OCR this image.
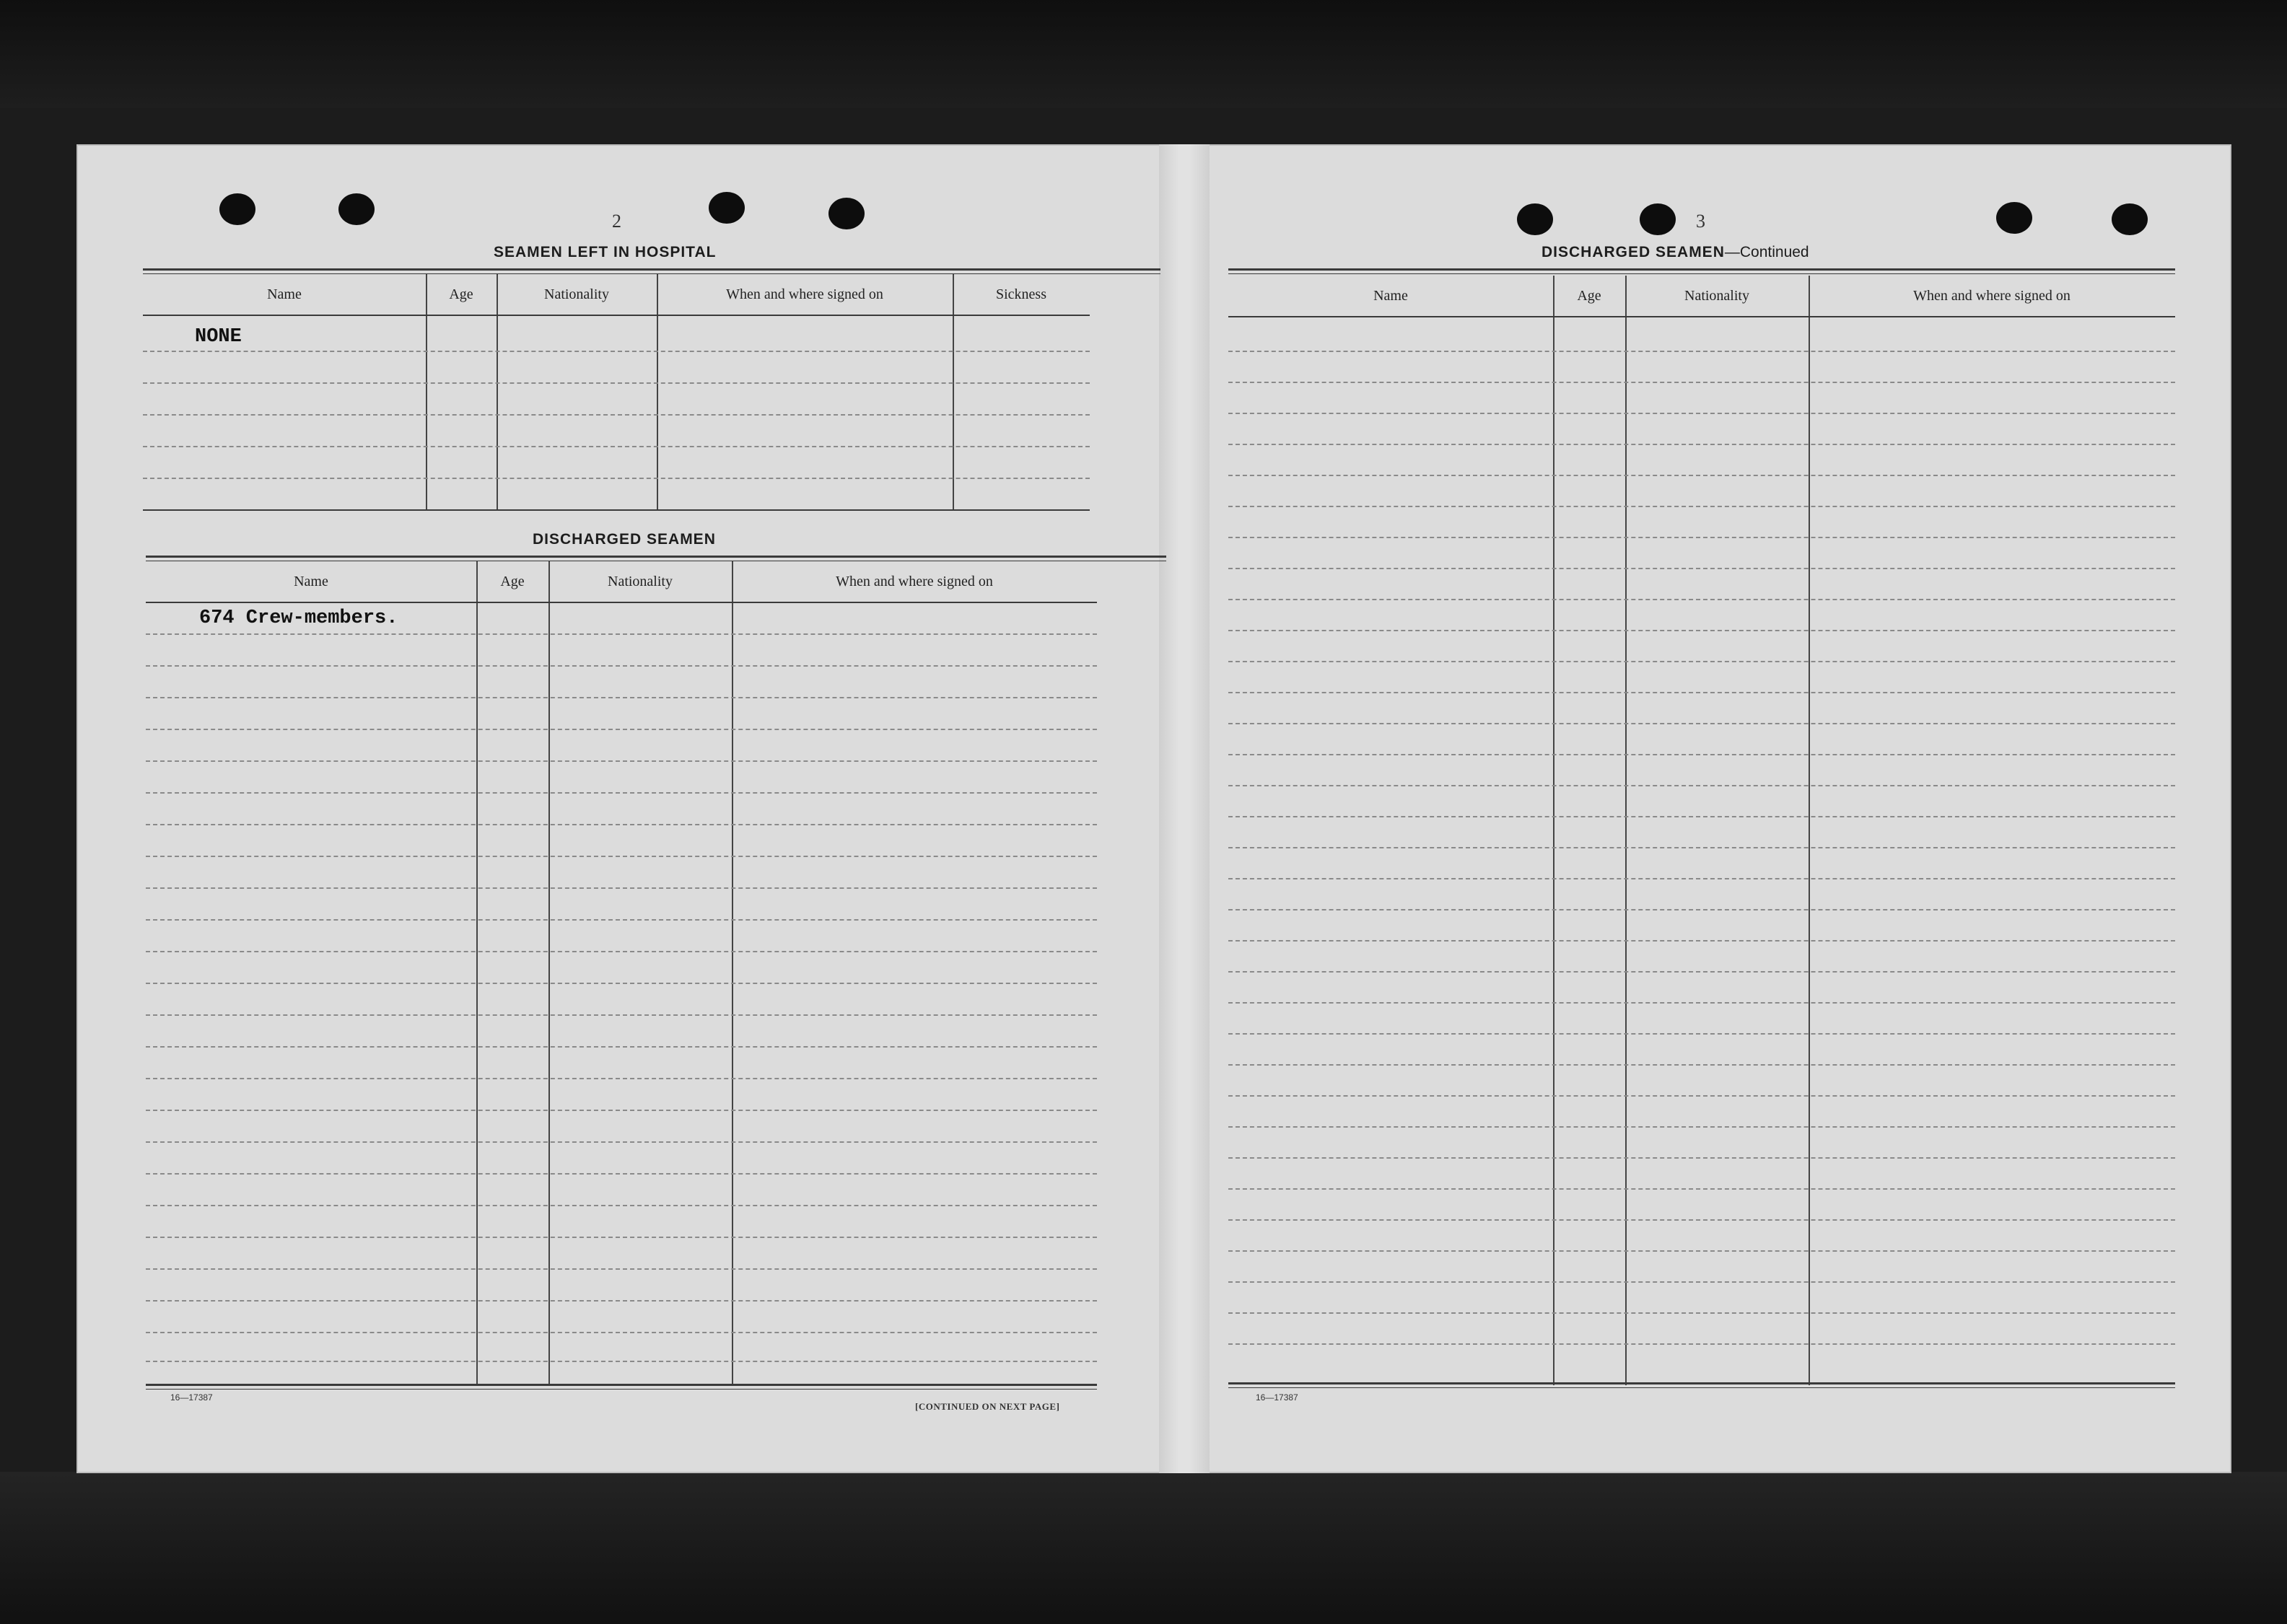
2
SEAMEN LEFT IN HOSPITAL
Name	Age	Nationality	When and where signed on	Sickness
NONE
DISCHARGED SEAMEN
Name	Age	Nationality	When and where signed on
674 Crew-members.
16—17387
[CONTINUED ON NEXT PAGE]
3
DISCHARGED SEAMEN—Continued
Name	Age	Nationality	When and where signed on
16—17387
